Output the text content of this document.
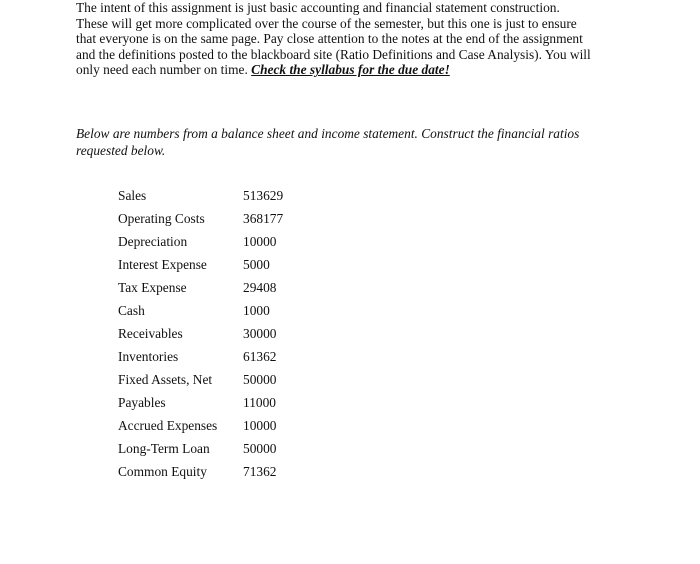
The intent of this assignment is just basic accounting and financial statement construction.
These will get more complicated over the course of the semester, but this one is just to ensure
that everyone is on the same page. Pay close attention to the notes at the end of the assignment
and the definitions posted to the blackboard site (Ratio Definitions and Case Analysis). You will
only need each number on time. Check the syllabus for the due date!
Below are numbers from a balance sheet and income statement. Construct the financial ratios
requested below.
Sales	513629
Operating Costs	368177
Depreciation	10000
Interest Expense	5000
Tax Expense	29408
Cash	1000
Receivables	30000
Inventories	61362
Fixed Assets, Net 50000
Payables	11000
Accrued Expenses 10000
Long-Term Loan 50000
Common Equity	71362
